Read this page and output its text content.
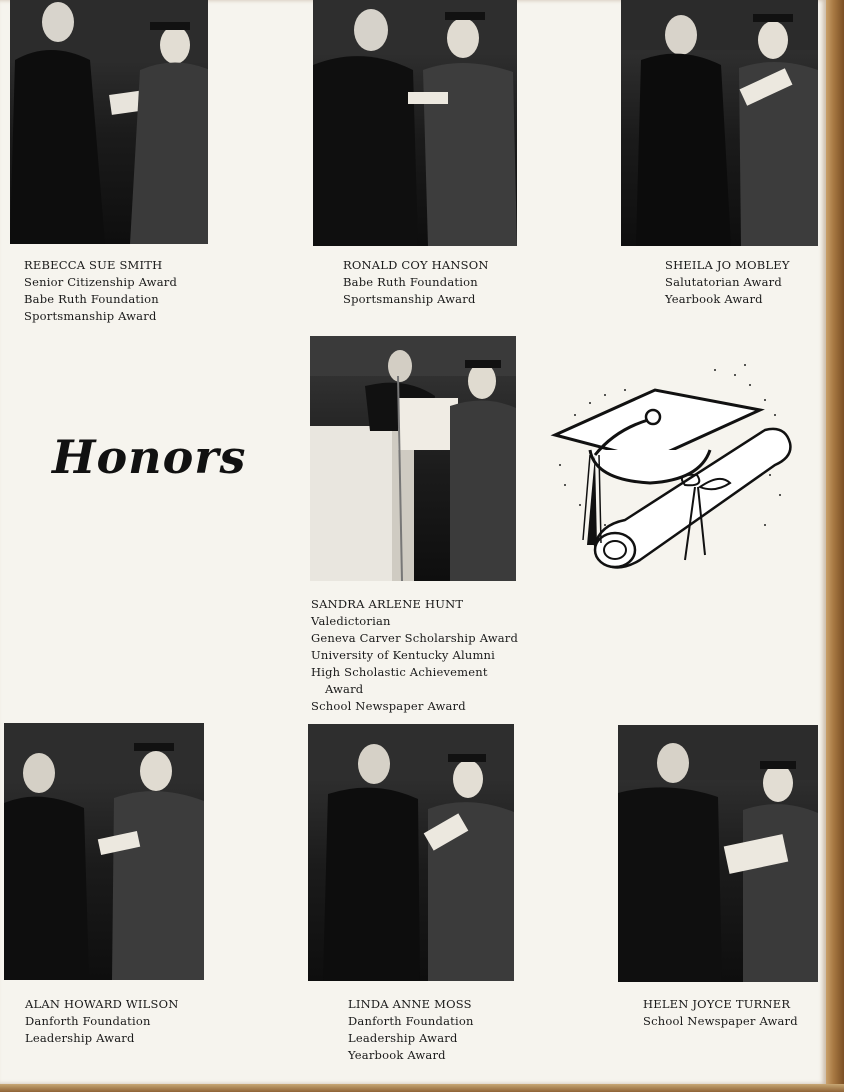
REBECCA SUE SMITH
Senior Citizenship Award
Babe Ruth Foundation
Sportsmanship Award
RONALD COY HANSON
Babe Ruth Foundation
Sportsmanship Award
SHEILA JO MOBLEY
Salutatorian Award
Yearbook Award
Honors
SANDRA ARLENE HUNT
Valedictorian
Geneva Carver Scholarship Award
University of Kentucky Alumni
High Scholastic Achievement
Award
School Newspaper Award
ALAN HOWARD WILSON
Danforth Foundation
Leadership Award
LINDA ANNE MOSS
Danforth Foundation
Leadership Award
Yearbook Award
HELEN JOYCE TURNER
School Newspaper Award
